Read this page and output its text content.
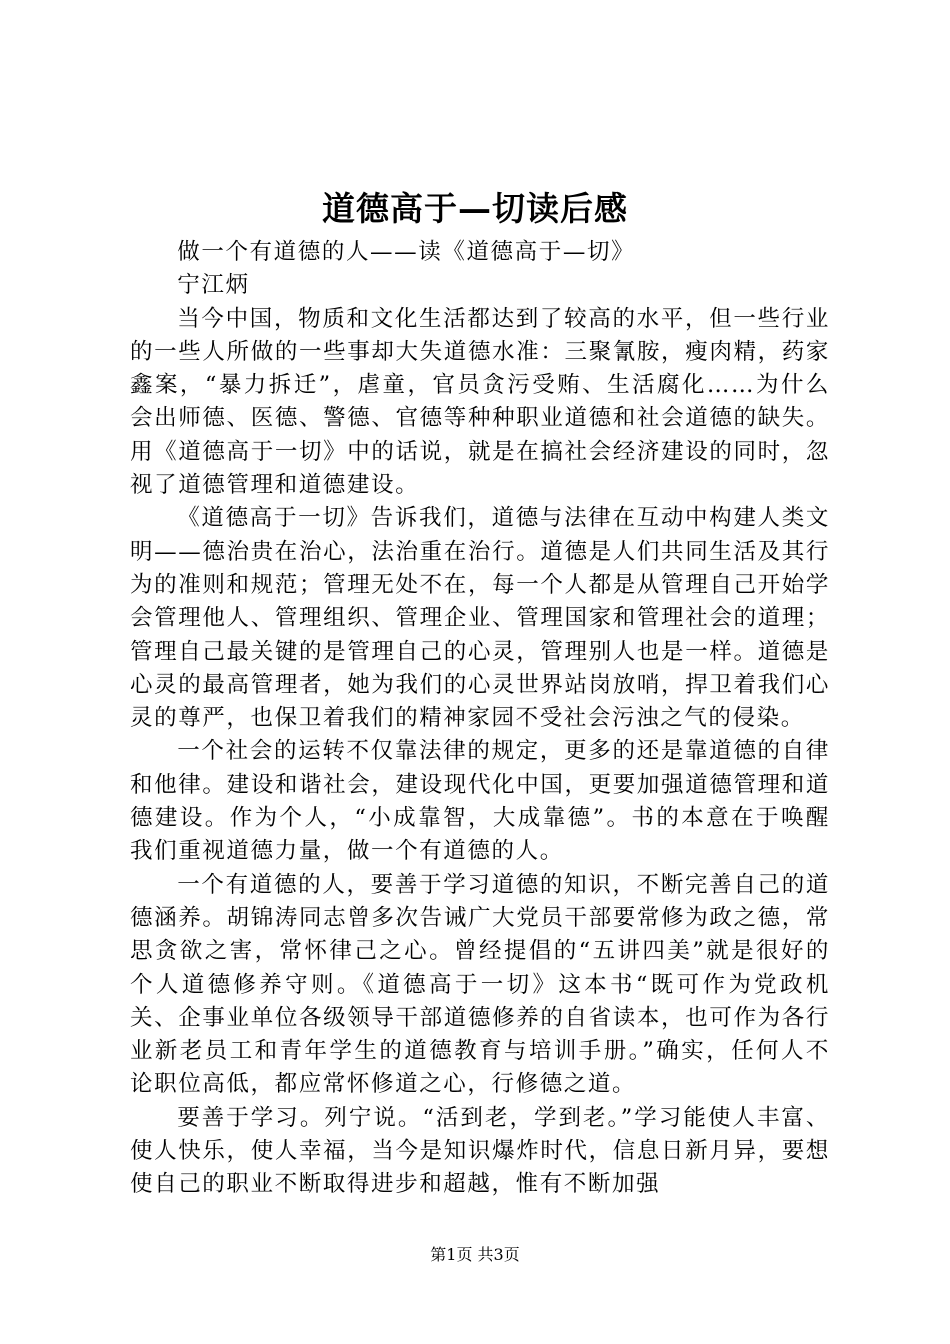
道德高于—切读后感

做一个有道德的人——读《道德高于—切》

宁江炳

当今中国，物质和文化生活都达到了较高的水平，但一些行业的一些人所做的一些事却大失道德水准：三聚氰胺，瘦肉精，药家鑫案，“暴力拆迁”，虐童，官员贪污受贿、生活腐化……为什么会出师德、医德、警德、官德等种种职业道德和社会道德的缺失。用《道德高于一切》中的话说，就是在搞社会经济建设的同时，忽视了道德管理和道德建设。

《道德高于一切》告诉我们，道德与法律在互动中构建人类文明——德治贵在治心，法治重在治行。道德是人们共同生活及其行为的准则和规范；管理无处不在，每一个人都是从管理自己开始学会管理他人、管理组织、管理企业、管理国家和管理社会的道理；管理自己最关键的是管理自己的心灵，管理别人也是一样。道德是心灵的最高管理者，她为我们的心灵世界站岗放哨，捍卫着我们心灵的尊严，也保卫着我们的精神家园不受社会污浊之气的侵染。

一个社会的运转不仅靠法律的规定，更多的还是靠道德的自律和他律。建设和谐社会，建设现代化中国，更要加强道德管理和道德建设。作为个人，“小成靠智，大成靠德”。书的本意在于唤醒我们重视道德力量，做一个有道德的人。

一个有道德的人，要善于学习道德的知识，不断完善自己的道德涵养。胡锦涛同志曾多次告诫广大党员干部要常修为政之德，常思贪欲之害，常怀律己之心。曾经提倡的“五讲四美”就是很好的个人道德修养守则。《道德高于一切》这本书“既可作为党政机关、企事业单位各级领导干部道德修养的自省读本，也可作为各行业新老员工和青年学生的道德教育与培训手册。”确实，任何人不论职位高低，都应常怀修道之心，行修德之道。

要善于学习。列宁说。“活到老，学到老。”学习能使人丰富、使人快乐，使人幸福，当今是知识爆炸时代，信息日新月异，要想使自己的职业不断取得进步和超越，惟有不断加强

第1页 共3页
